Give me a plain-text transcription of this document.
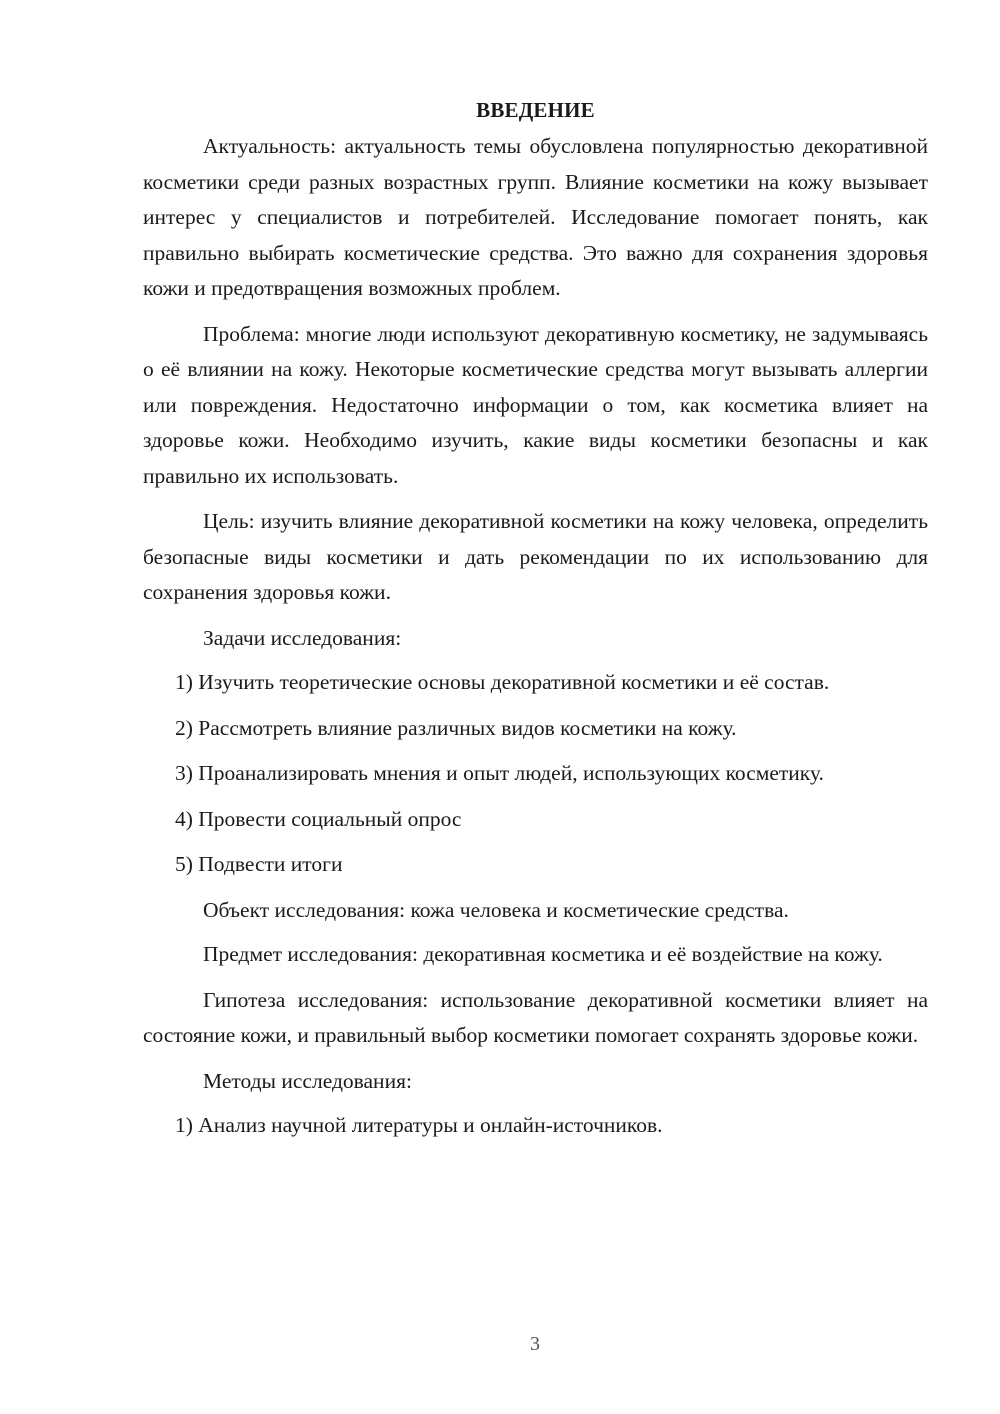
ВВЕДЕНИЕ

Актуальность: актуальность темы обусловлена популярностью декоративной косметики среди разных возрастных групп. Влияние косметики на кожу вызывает интерес у специалистов и потребителей. Исследование помогает понять, как правильно выбирать косметические средства. Это важно для сохранения здоровья кожи и предотвращения возможных проблем.

Проблема: многие люди используют декоративную косметику, не задумываясь о её влиянии на кожу. Некоторые косметические средства могут вызывать аллергии или повреждения. Недостаточно информации о том, как косметика влияет на здоровье кожи. Необходимо изучить, какие виды косметики безопасны и как правильно их использовать.

Цель: изучить влияние декоративной косметики на кожу человека, определить безопасные виды косметики и дать рекомендации по их использованию для сохранения здоровья кожи.

Задачи исследования:

1) Изучить теоретические основы декоративной косметики и её состав.

2) Рассмотреть влияние различных видов косметики на кожу.

3) Проанализировать мнения и опыт людей, использующих косметику.

4) Провести социальный опрос

5) Подвести итоги

Объект исследования: кожа человека и косметические средства.

Предмет исследования: декоративная косметика и её воздействие на кожу.

Гипотеза исследования: использование декоративной косметики влияет на состояние кожи, и правильный выбор косметики помогает сохранять здоровье кожи.

Методы исследования:

1) Анализ научной литературы и онлайн-источников.

3
